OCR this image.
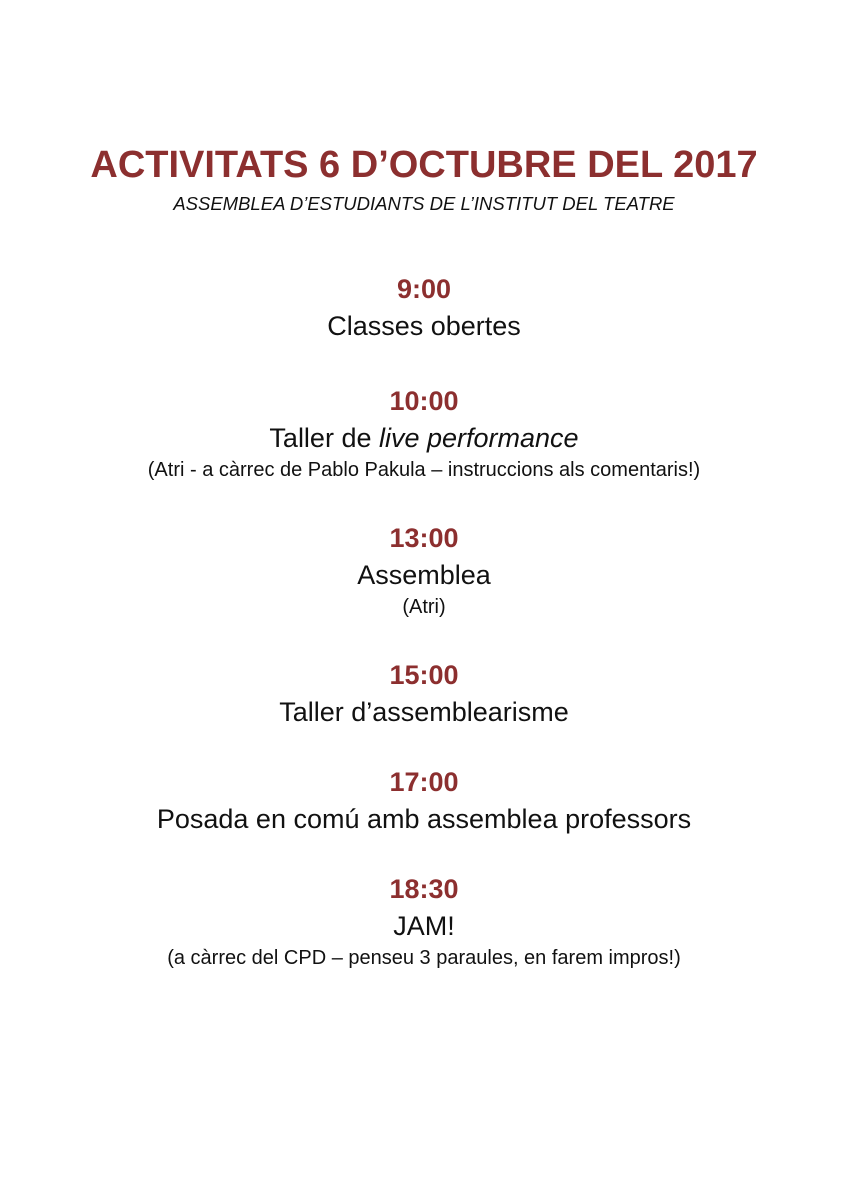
ACTIVITATS 6 D’OCTUBRE DEL 2017
ASSEMBLEA D’ESTUDIANTS DE L’INSTITUT DEL TEATRE
9:00
Classes obertes
10:00
Taller de live performance
(Atri - a càrrec de Pablo Pakula – instruccions als comentaris!)
13:00
Assemblea
(Atri)
15:00
Taller d’assemblearisme
17:00
Posada en comú amb assemblea professors
18:30
JAM!
(a càrrec del CPD – penseu 3 paraules, en farem impros!)
